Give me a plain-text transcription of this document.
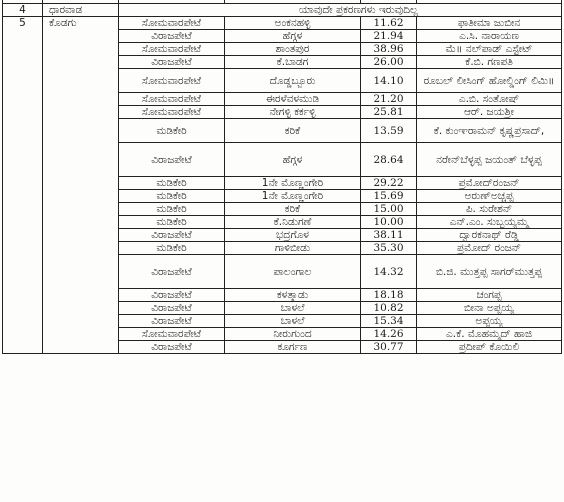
4	ಧಾರವಾಡ	ಯಾವುದೇ ಪ್ರಕರಣಗಳು ಇರುವುದಿಲ್ಲ			
5	ಕೊಡಗು	ಸೋಮವಾರಪೇಟೆ	ಅಂಕನಹಳ್ಳಿ	11.62	ಫಾತೀಮಾ ಜುಬೀನ
		ವಿರಾಜಪೇಟೆ	ಹೆಗ್ಗಳ	21.94	ಎ.ಸಿ. ನಾರಾಯಣ
		ಸೋಮವಾರಪೇಟೆ	ಶಾಂತಪುರ	38.96	ಮೆ॥ ನಲ್‌ಪಾಡ್ ಎಸ್ಟೇಟ್
		ವಿರಾಜಪೇಟೆ	ಕೆ.ಬಾಡಗ	26.00	ಕೆ.ಬಿ. ಗಣಪತಿ
		ಸೋಮವಾರಪೇಟೆ	ದೊಡ್ಡಬ್ಬೂರು	14.10	ರೂಬಲ್ ಲೀಸಿಂಗ್ ಹೋಲ್ಡಿಂಗ್ ಲಿಮಿ॥
		ಸೋಮವಾರಪೇಟೆ	ಈರಳೆವಳಮುಡಿ	21.20	ಎ.ಬಿ. ಸಂತೋಷ್
		ಸೋಮವಾರಪೇಟೆ	ನೇಗಳ್ಳಿ ಕರ್ಕಳ್ಳಿ	25.81	ಆರ್. ಜಯಶ್ರೀ
		ಮಡಿಕೇರಿ	ಕರಿಕೆ	13.59	ಕೆ. ಕುಂಞರಾಮನ್ ಕೃಷ್ಣಪ್ರಸಾದ್,
		ವಿರಾಜಪೇಟೆ	ಹೆಗ್ಗಳ	28.64	ನರೇನ್‌ಬೆಳ್ಳಪ್ಪ ಜಯಂತ್ ಬೆಳ್ಳಪ್ಪ
		ಮಡಿಕೇರಿ	1ನೇ ಮೊಣ್ಣಂಗೇರಿ	29.22	ಪ್ರಮೋದ್‌ರಂಜನ್
		ಮಡಿಕೇರಿ	1ನೇ ಮೊಣ್ಣಂಗೇರಿ	15.69	ಅರುಣ್‌ಅಚ್ಚಪ್ಪ
		ಮಡಿಕೇರಿ	ಕರಿಕೆ	15.00	ಪಿ. ಸುರೇಶನ್
		ಮಡಿಕೇರಿ	ಕೆ.ನಿಡುಗಣೆ	10.00	ಎನ್.ಎಂ. ಸುಬ್ಬಯ್ಯಮ್ಮ
		ವಿರಾಜಪೇಟೆ	ಭದ್ರಗೊಳ	38.11	ದ್ವಾರಕನಾಥ್ ರೆಡ್ಡಿ
		ಮಡಿಕೇರಿ	ಗಾಳಿಬೀಡು	35.30	ಪ್ರಮೋದ್ ರಂಜನ್
		ವಿರಾಜಪೇಟೆ	ಪಾಲಂಗಾಲ	14.32	ಬಿ.ಜಿ. ಮುತ್ತಪ್ಪ ಸಾಗರ್‌ಮುತ್ತಪ್ಪ
		ವಿರಾಜಪೇಟೆ	ಕಳತ್ಮಾಡು	18.18	ಚಂಗಪ್ಪ
		ವಿರಾಜಪೇಟೆ	ಬಾಳಲೆ	10.82	ಬೀನಾ ಅಪ್ಪಯ್ಯ
		ವಿರಾಜಪೇಟೆ	ಬಾಳಲೆ	15.34	ಅಪ್ಪಯ್ಯ
		ಸೋಮವಾರಪೇಟೆ	ನೀರುಗುಂದ	14.26	ಎ.ಕೆ. ಮೊಹಮ್ಮದ್ ಹಾಜಿ
		ವಿರಾಜಪೇಟೆ	ಕೂರ್ಗಣ	30.77	ಪ್ರದೀಪ್ ಕೊಯಿಲಿ
